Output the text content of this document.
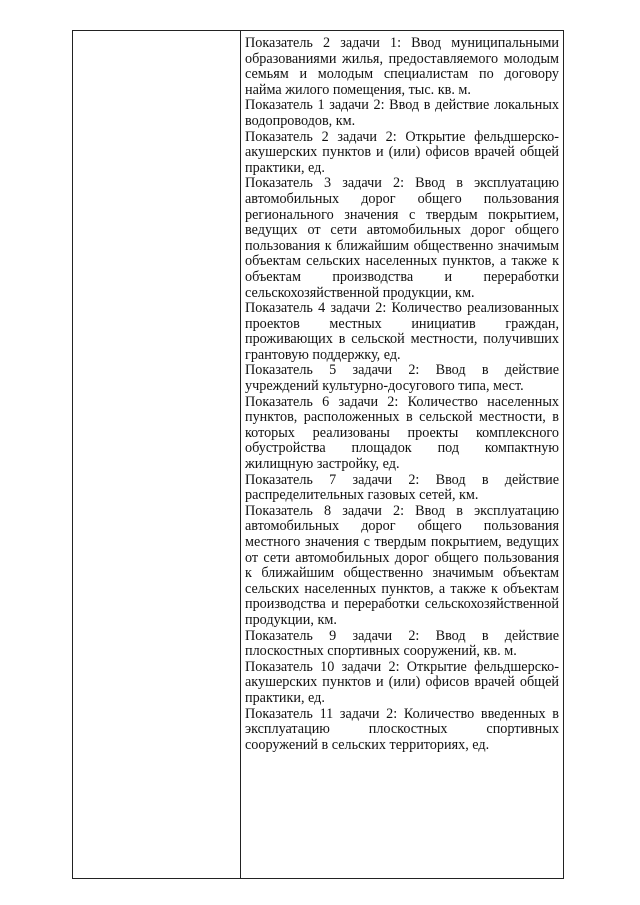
Показатель 2 задачи 1: Ввод муниципальными образованиями жилья, предоставляемого молодым семьям и молодым специалистам по договору найма жилого помещения, тыс. кв. м.

Показатель 1 задачи 2: Ввод в действие локальных водопроводов, км.

Показатель 2 задачи 2: Открытие фельдшерско-акушерских пунктов и (или) офисов врачей общей практики, ед.

Показатель 3 задачи 2: Ввод в эксплуатацию автомобильных дорог общего пользования регионального значения с твердым покрытием, ведущих от сети автомобильных дорог общего пользования к ближайшим общественно значимым объектам сельских населенных пунктов, а также к объектам производства и переработки сельскохозяйственной продукции, км.

Показатель 4 задачи 2: Количество реализованных проектов местных инициатив граждан, проживающих в сельской местности, получивших грантовую поддержку, ед.

Показатель 5 задачи 2: Ввод в действие учреждений культурно-досугового типа, мест.

Показатель 6 задачи 2: Количество населенных пунктов, расположенных в сельской местности, в которых реализованы проекты комплексного обустройства площадок под компактную жилищную застройку, ед.

Показатель 7 задачи 2: Ввод в действие распределительных газовых сетей, км.

Показатель 8 задачи 2: Ввод в эксплуатацию автомобильных дорог общего пользования местного значения с твердым покрытием, ведущих от сети автомобильных дорог общего пользования к ближайшим общественно значимым объектам сельских населенных пунктов, а также к объектам производства и переработки сельскохозяйственной продукции, км.

Показатель 9 задачи 2: Ввод в действие плоскостных спортивных сооружений, кв. м.

Показатель 10 задачи 2: Открытие фельдшерско-акушерских пунктов и (или) офисов врачей общей практики, ед.

Показатель 11 задачи 2: Количество введенных в эксплуатацию плоскостных спортивных сооружений в сельских территориях, ед.
